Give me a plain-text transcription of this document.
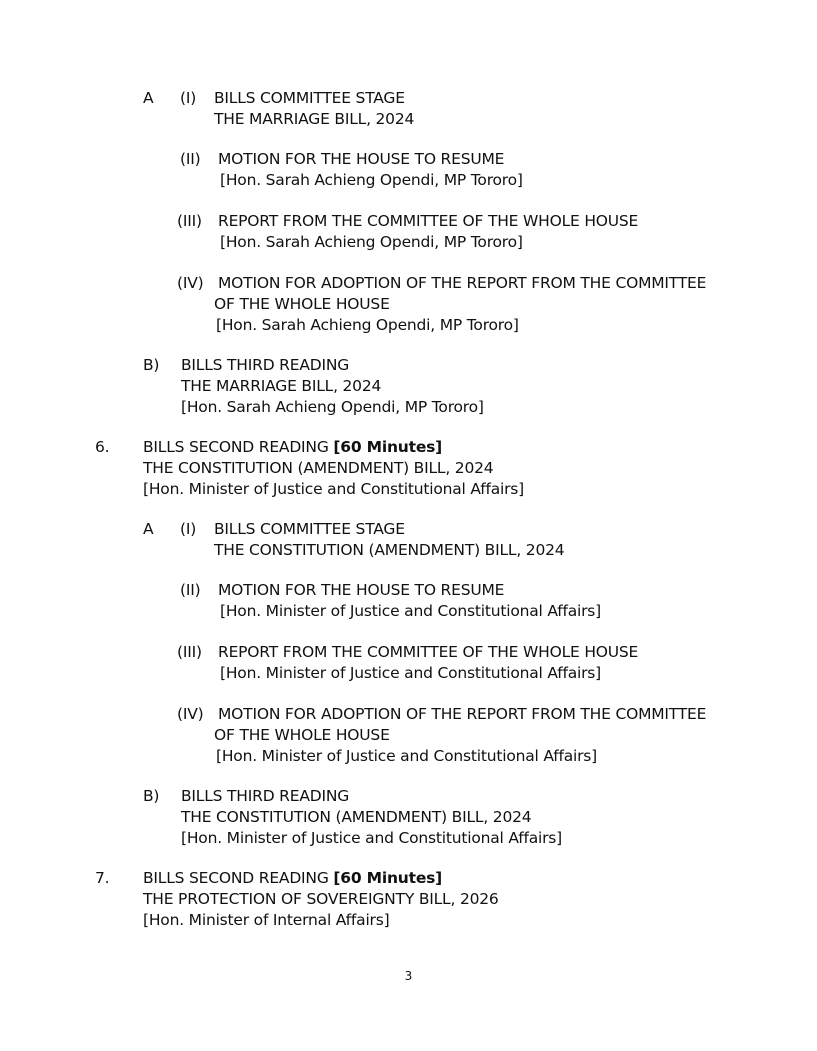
A (I) BILLS COMMITTEE STAGE
THE MARRIAGE BILL, 2024
(II) MOTION FOR THE HOUSE TO RESUME
[Hon. Sarah Achieng Opendi, MP Tororo]
(III) REPORT FROM THE COMMITTEE OF THE WHOLE HOUSE
[Hon. Sarah Achieng Opendi, MP Tororo]
(IV) MOTION FOR ADOPTION OF THE REPORT FROM THE COMMITTEE
OF THE WHOLE HOUSE
[Hon. Sarah Achieng Opendi, MP Tororo]
B) BILLS THIRD READING
THE MARRIAGE BILL, 2024
[Hon. Sarah Achieng Opendi, MP Tororo]
6. BILLS SECOND READING [60 Minutes]
THE CONSTITUTION (AMENDMENT) BILL, 2024
[Hon. Minister of Justice and Constitutional Affairs]
A (I) BILLS COMMITTEE STAGE
THE CONSTITUTION (AMENDMENT) BILL, 2024
(II) MOTION FOR THE HOUSE TO RESUME
[Hon. Minister of Justice and Constitutional Affairs]
(III) REPORT FROM THE COMMITTEE OF THE WHOLE HOUSE
[Hon. Minister of Justice and Constitutional Affairs]
(IV) MOTION FOR ADOPTION OF THE REPORT FROM THE COMMITTEE
OF THE WHOLE HOUSE
[Hon. Minister of Justice and Constitutional Affairs]
B) BILLS THIRD READING
THE CONSTITUTION (AMENDMENT) BILL, 2024
[Hon. Minister of Justice and Constitutional Affairs]
7. BILLS SECOND READING [60 Minutes]
THE PROTECTION OF SOVEREIGNTY BILL, 2026
[Hon. Minister of Internal Affairs]
3
